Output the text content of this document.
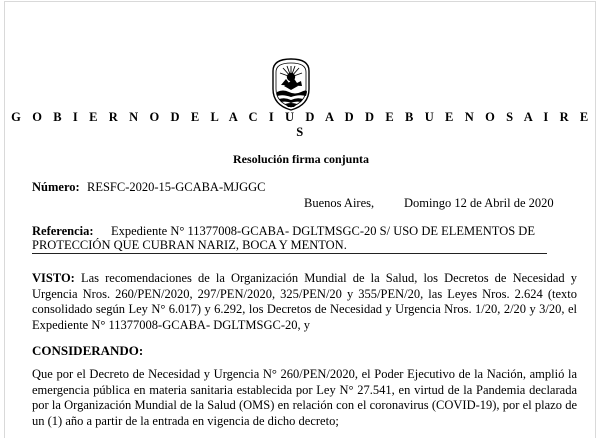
G O B I E R N O D E L A C I U D A D D E B U E N O S A I R E S
Resolución firma conjunta
Número: RESFC-2020-15-GCABA-MJGGC
Buenos Aires, Domingo 12 de Abril de 2020
Referencia: Expediente N° 11377008-GCABA- DGLTMSGC-20 S/ USO DE ELEMENTOS DE
PROTECCIÓN QUE CUBRAN NARIZ, BOCA Y MENTON.
VISTO: Las recomendaciones de la Organización Mundial de la Salud, los Decretos de Necesidad y Urgencia Nros. 260/PEN/2020, 297/PEN/2020, 325/PEN/20 y 355/PEN/20, las Leyes Nros. 2.624 (texto consolidado según Ley N° 6.017) y 6.292, los Decretos de Necesidad y Urgencia Nros. 1/20, 2/20 y 3/20, el Expediente N° 11377008-GCABA- DGLTMSGC-20, y
CONSIDERANDO:
Que por el Decreto de Necesidad y Urgencia N° 260/PEN/2020, el Poder Ejecutivo de la Nación, amplió la emergencia pública en materia sanitaria establecida por Ley N° 27.541, en virtud de la Pandemia declarada por la Organización Mundial de la Salud (OMS) en relación con el coronavirus (COVID-19), por el plazo de un (1) año a partir de la entrada en vigencia de dicho decreto;
